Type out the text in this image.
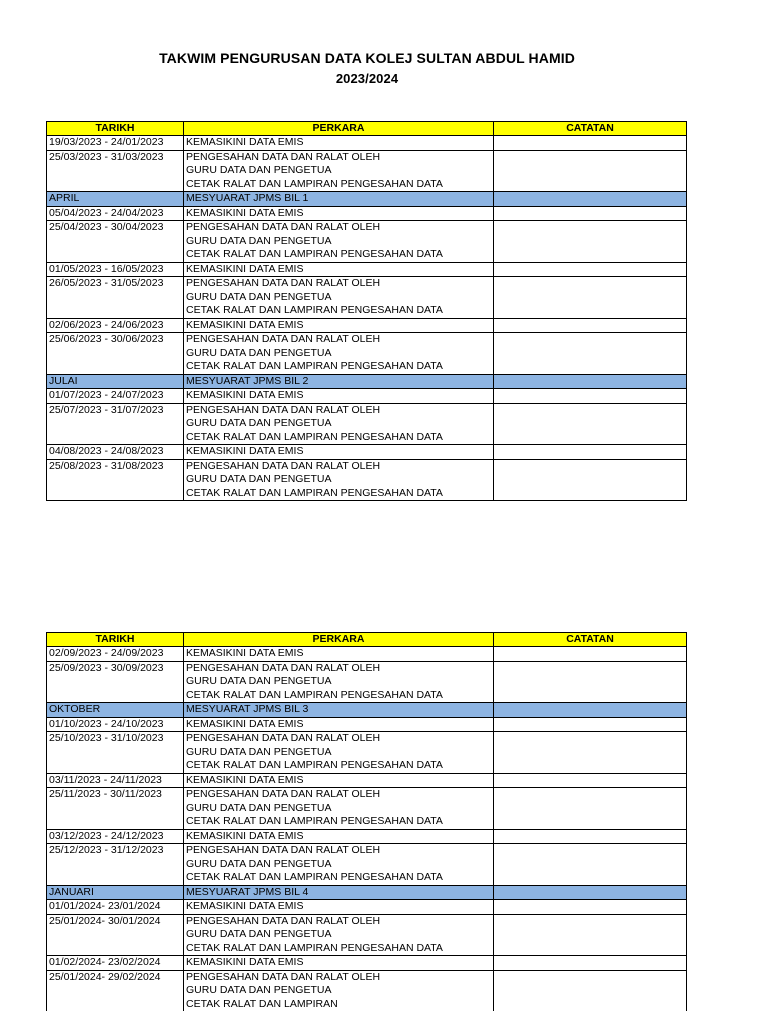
TAKWIM PENGURUSAN DATA KOLEJ SULTAN ABDUL HAMID
2023/2024
TARIKH	PERKARA	CATATAN
19/03/2023 - 24/01/2023	KEMASIKINI DATA EMIS	

25/03/2023 - 31/03/2023	PENGESAHAN DATA DAN RALAT OLEH
GURU DATA DAN PENGETUA
CETAK RALAT DAN LAMPIRAN PENGESAHAN DATA	

APRIL	MESYUARAT JPMS BIL 1	

05/04/2023 - 24/04/2023	KEMASIKINI DATA EMIS	

25/04/2023 - 30/04/2023	PENGESAHAN DATA DAN RALAT OLEH
GURU DATA DAN PENGETUA
CETAK RALAT DAN LAMPIRAN PENGESAHAN DATA	

01/05/2023 - 16/05/2023	KEMASIKINI DATA EMIS	

26/05/2023 - 31/05/2023	PENGESAHAN DATA DAN RALAT OLEH
GURU DATA DAN PENGETUA
CETAK RALAT DAN LAMPIRAN PENGESAHAN DATA	

02/06/2023 - 24/06/2023	KEMASIKINI DATA EMIS	

25/06/2023 - 30/06/2023	PENGESAHAN DATA DAN RALAT OLEH
GURU DATA DAN PENGETUA
CETAK RALAT DAN LAMPIRAN PENGESAHAN DATA	

JULAI	MESYUARAT JPMS BIL 2	

01/07/2023 - 24/07/2023	KEMASIKINI DATA EMIS	

25/07/2023 - 31/07/2023	PENGESAHAN DATA DAN RALAT OLEH
GURU DATA DAN PENGETUA
CETAK RALAT DAN LAMPIRAN PENGESAHAN DATA	

04/08/2023 - 24/08/2023	KEMASIKINI DATA EMIS	

25/08/2023 - 31/08/2023	PENGESAHAN DATA DAN RALAT OLEH
GURU DATA DAN PENGETUA
CETAK RALAT DAN LAMPIRAN PENGESAHAN DATA	

TARIKH	PERKARA	CATATAN
02/09/2023 - 24/09/2023	KEMASIKINI DATA EMIS	

25/09/2023 - 30/09/2023	PENGESAHAN DATA DAN RALAT OLEH
GURU DATA DAN PENGETUA
CETAK RALAT DAN LAMPIRAN PENGESAHAN DATA	

OKTOBER	MESYUARAT JPMS BIL 3	

01/10/2023 - 24/10/2023	KEMASIKINI DATA EMIS	

25/10/2023 - 31/10/2023	PENGESAHAN DATA DAN RALAT OLEH
GURU DATA DAN PENGETUA
CETAK RALAT DAN LAMPIRAN PENGESAHAN DATA	

03/11/2023 - 24/11/2023	KEMASIKINI DATA EMIS	

25/11/2023 - 30/11/2023	PENGESAHAN DATA DAN RALAT OLEH
GURU DATA DAN PENGETUA
CETAK RALAT DAN LAMPIRAN PENGESAHAN DATA	

03/12/2023 - 24/12/2023	KEMASIKINI DATA EMIS	

25/12/2023 - 31/12/2023	PENGESAHAN DATA DAN RALAT OLEH
GURU DATA DAN PENGETUA
CETAK RALAT DAN LAMPIRAN PENGESAHAN DATA	

JANUARI	MESYUARAT JPMS BIL 4	

01/01/2024- 23/01/2024	KEMASIKINI DATA EMIS	

25/01/2024- 30/01/2024	PENGESAHAN DATA DAN RALAT OLEH
GURU DATA DAN PENGETUA
CETAK RALAT DAN LAMPIRAN PENGESAHAN DATA	

01/02/2024- 23/02/2024	KEMASIKINI DATA EMIS	

25/01/2024- 29/02/2024	PENGESAHAN DATA DAN RALAT OLEH
GURU DATA DAN PENGETUA
CETAK RALAT DAN LAMPIRAN	
